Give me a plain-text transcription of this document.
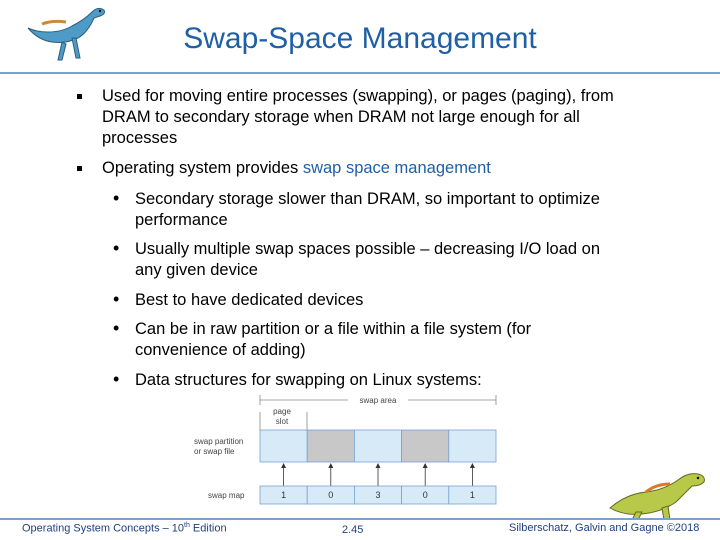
Swap-Space Management
Used for moving entire processes (swapping), or pages (paging), from
DRAM to secondary storage when DRAM not large enough for all
processes
Operating system provides swap space management
• Secondary storage slower than DRAM, so important to optimize
performance
• Usually multiple swap spaces possible – decreasing I/O load on
any given device
• Best to have dedicated devices
• Can be in raw partition or a file within a file system (for
convenience of adding)
• Data structures for swapping on Linux systems:
swap area
page
slot
swap partition
or swap file
swap map	1	0	3	0	1
Operating System Concepts – 10th Edition	2.45	Silberschatz, Galvin and Gagne ©2018
